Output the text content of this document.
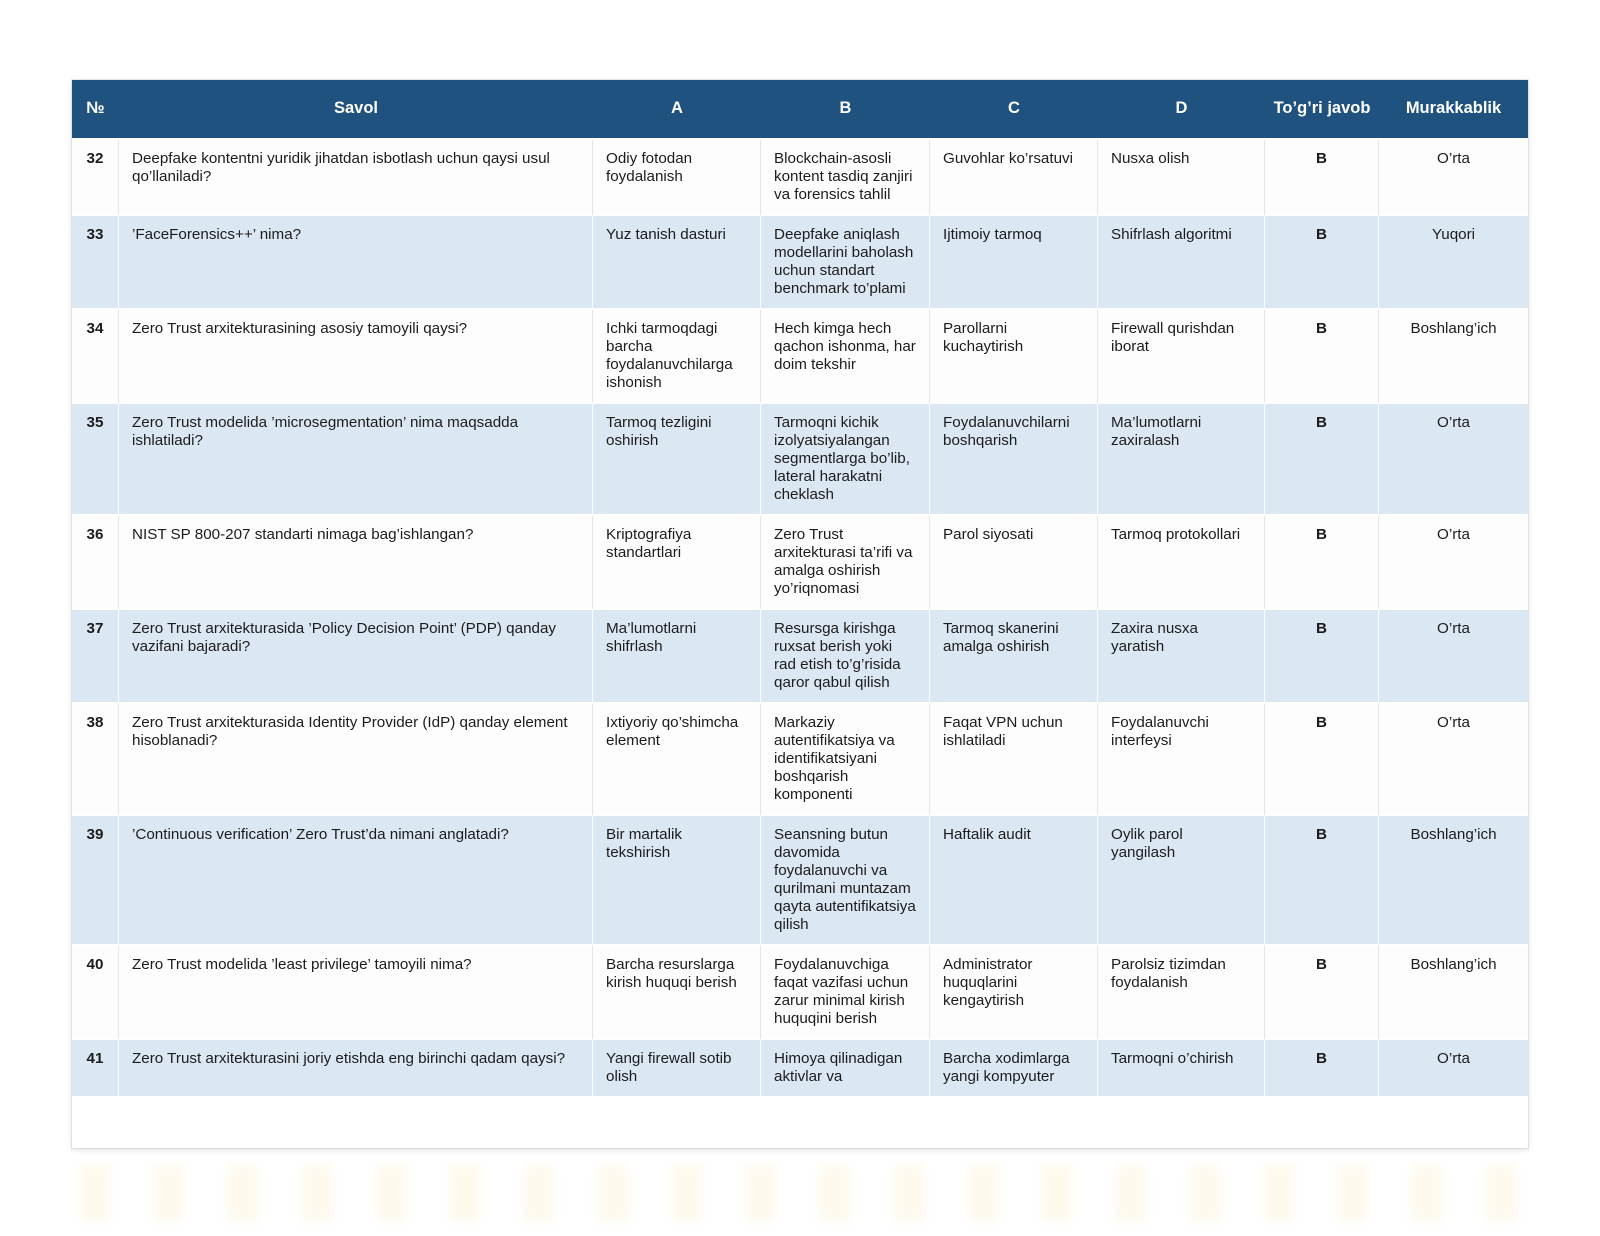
№	Savol	A	B	C	D	To’g’ri javob	Murakkablik
32	Deepfake kontentni yuridik jihatdan isbotlash uchun qaysi usul qo’llaniladi?	Odiy fotodan foydalanish	Blockchain-asosli kontent tasdiq zanjiri va forensics tahlil	Guvohlar ko’rsatuvi	Nusxa olish	B	O’rta
33	’FaceForensics++’ nima?	Yuz tanish dasturi	Deepfake aniqlash modellarini baholash uchun standart benchmark to’plami	Ijtimoiy tarmoq	Shifrlash algoritmi	B	Yuqori
34	Zero Trust arxitekturasining asosiy tamoyili qaysi?	Ichki tarmoqdagi barcha foydalanuvchilarga ishonish	Hech kimga hech qachon ishonma, har doim tekshir	Parollarni kuchaytirish	Firewall qurishdan iborat	B	Boshlang’ich
35	Zero Trust modelida ’microsegmentation’ nima maqsadda ishlatiladi?	Tarmoq tezligini oshirish	Tarmoqni kichik izolyatsiyalangan segmentlarga bo’lib, lateral harakatni cheklash	Foydalanuvchilarni boshqarish	Ma’lumotlarni zaxiralash	B	O’rta
36	NIST SP 800-207 standarti nimaga bag’ishlangan?	Kriptografiya standartlari	Zero Trust arxitekturasi ta’rifi va amalga oshirish yo’riqnomasi	Parol siyosati	Tarmoq protokollari	B	O’rta
37	Zero Trust arxitekturasida ’Policy Decision Point’ (PDP) qanday vazifani bajaradi?	Ma’lumotlarni shifrlash	Resursga kirishga ruxsat berish yoki rad etish to’g’risida qaror qabul qilish	Tarmoq skanerini amalga oshirish	Zaxira nusxa yaratish	B	O’rta
38	Zero Trust arxitekturasida Identity Provider (IdP) qanday element hisoblanadi?	Ixtiyoriy qo’shimcha element	Markaziy autentifikatsiya va identifikatsiyani boshqarish komponenti	Faqat VPN uchun ishlatiladi	Foydalanuvchi interfeysi	B	O’rta
39	’Continuous verification’ Zero Trust’da nimani anglatadi?	Bir martalik tekshirish	Seansning butun davomida foydalanuvchi va qurilmani muntazam qayta autentifikatsiya qilish	Haftalik audit	Oylik parol yangilash	B	Boshlang’ich
40	Zero Trust modelida ’least privilege’ tamoyili nima?	Barcha resurslarga kirish huquqi berish	Foydalanuvchiga faqat vazifasi uchun zarur minimal kirish huquqini berish	Administrator huquqlarini kengaytirish	Parolsiz tizimdan foydalanish	B	Boshlang’ich
41	Zero Trust arxitekturasini joriy etishda eng birinchi qadam qaysi?	Yangi firewall sotib olish	Himoya qilinadigan aktivlar va	Barcha xodimlarga yangi kompyuter	Tarmoqni o’chirish	B	O’rta
